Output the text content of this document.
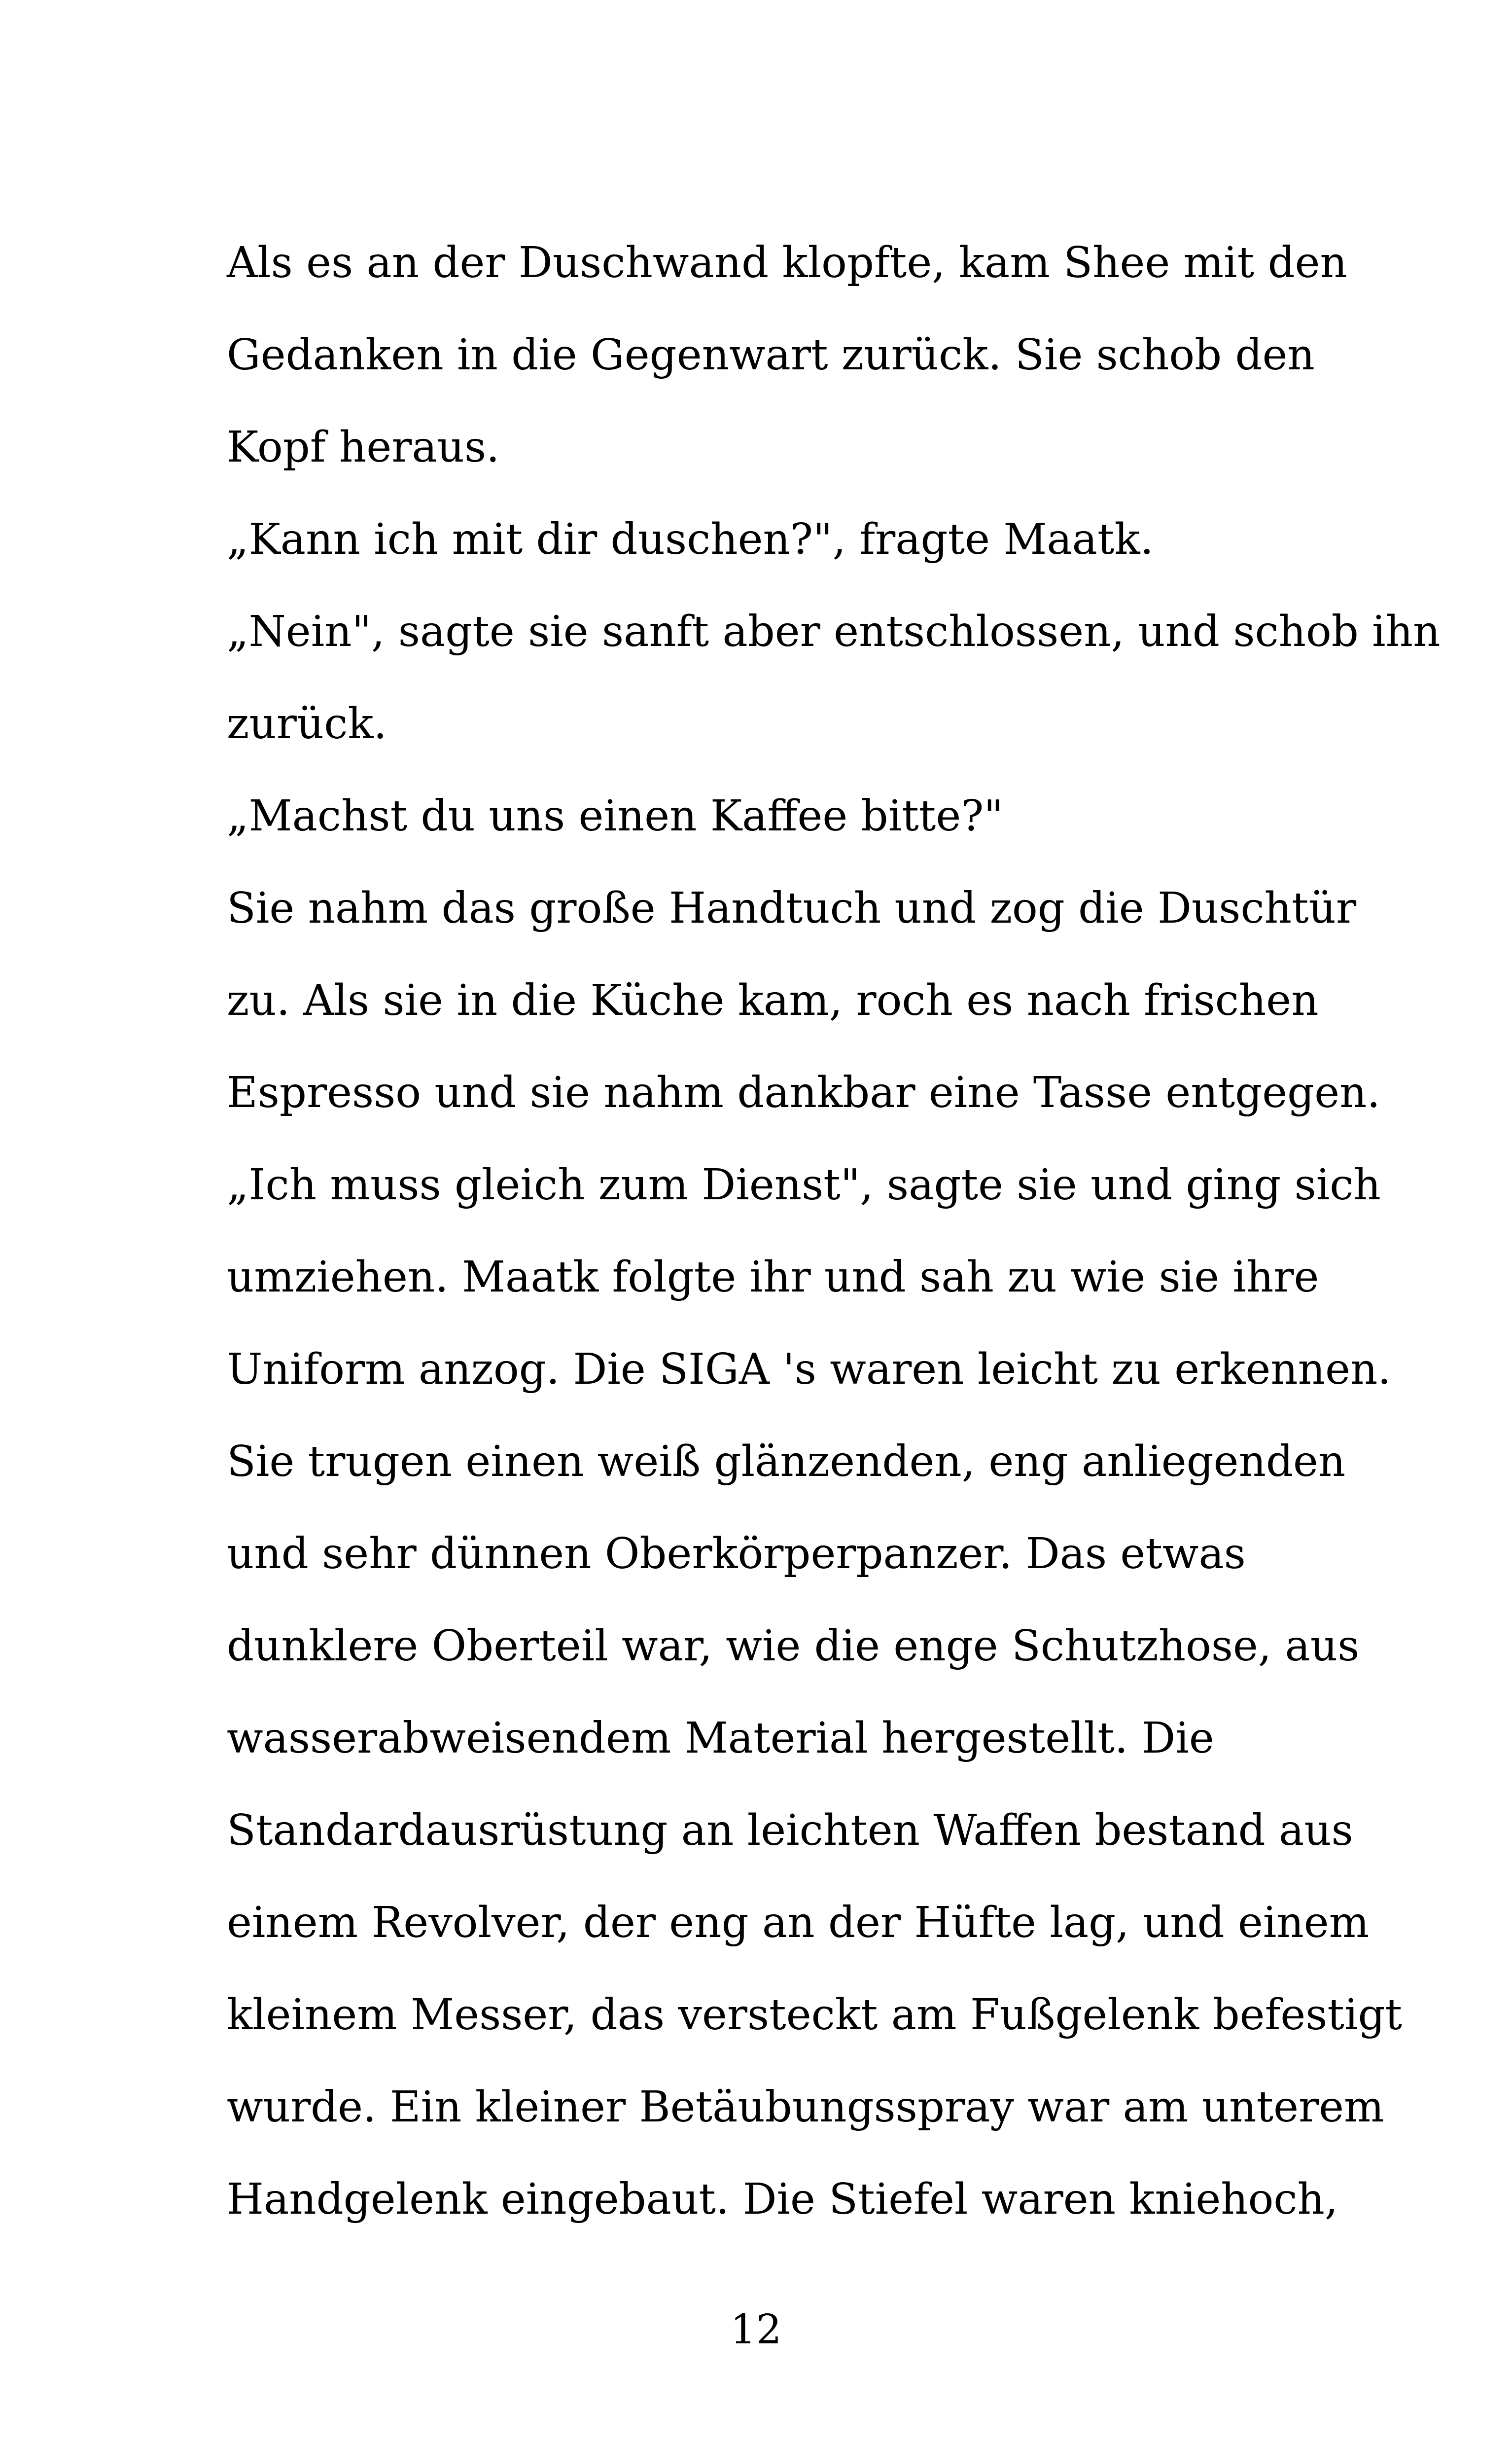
Als es an der Duschwand klopfte, kam Shee mit den
Gedanken in die Gegenwart zurück. Sie schob den
Kopf heraus.
„Kann ich mit dir duschen?", fragte Maatk.
„Nein", sagte sie sanft aber entschlossen, und schob ihn
zurück.
„Machst du uns einen Kaffee bitte?"
Sie nahm das große Handtuch und zog die Duschtür
zu. Als sie in die Küche kam, roch es nach frischen
Espresso und sie nahm dankbar eine Tasse entgegen.
„Ich muss gleich zum Dienst", sagte sie und ging sich
umziehen. Maatk folgte ihr und sah zu wie sie ihre
Uniform anzog. Die SIGA 's waren leicht zu erkennen.
Sie trugen einen weiß glänzenden, eng anliegenden
und sehr dünnen Oberkörperpanzer. Das etwas
dunklere Oberteil war, wie die enge Schutzhose, aus
wasserabweisendem Material hergestellt. Die
Standardausrüstung an leichten Waffen bestand aus
einem Revolver, der eng an der Hüfte lag, und einem
kleinem Messer, das versteckt am Fußgelenk befestigt
wurde. Ein kleiner Betäubungsspray war am unterem
Handgelenk eingebaut. Die Stiefel waren kniehoch,
12
